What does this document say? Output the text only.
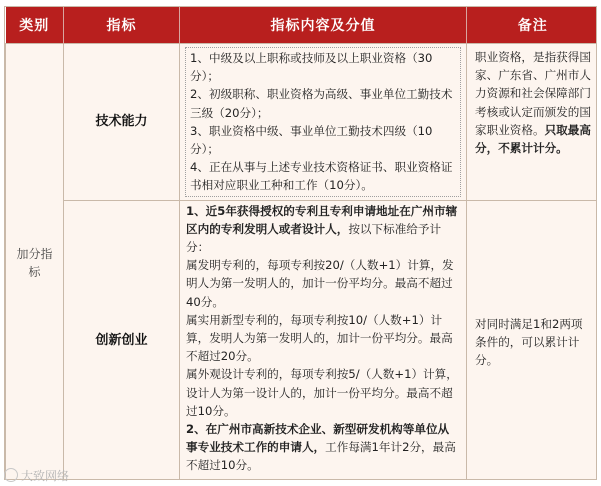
类别	指标	指标内容及分值	备注
加分指标	技术能力	1、中级及以上职称或技师及以上职业资格（30分）；
2、初级职称、职业资格为高级、事业单位工勤技术三级（20分）；
3、职业资格中级、事业单位工勤技术四级（10分）；
4、正在从事与上述专业技术资格证书、职业资格证书相对应职业工种和工作（10分）。	职业资格，是指获得国家、广东省、广州市人力资源和社会保障部门考核或认定而颁发的国家职业资格。只取最高分，不累计计分。

	创新创业	1、近5年获得授权的专利且专利申请地址在广州市辖区内的专利发明人或者设计人，按以下标准给予计分：
属发明专利的，每项专利按20/（人数+1）计算，发明人为第一发明人的，加计一份平均分。最高不超过40分。
属实用新型专利的，每项专利按10/（人数+1）计算，发明人为第一发明人的，加计一份平均分。最高不超过20分。
属外观设计专利的，每项专利按5/（人数+1）计算，设计人为第一设计人的，加计一份平均分。最高不超过10分。
2、在广州市高新技术企业、新型研发机构等单位从事专业技术工作的申请人，工作每满1年计2分，最高不超过10分。	对同时满足1和2两项条件的，可以累计计分。
大致网络
